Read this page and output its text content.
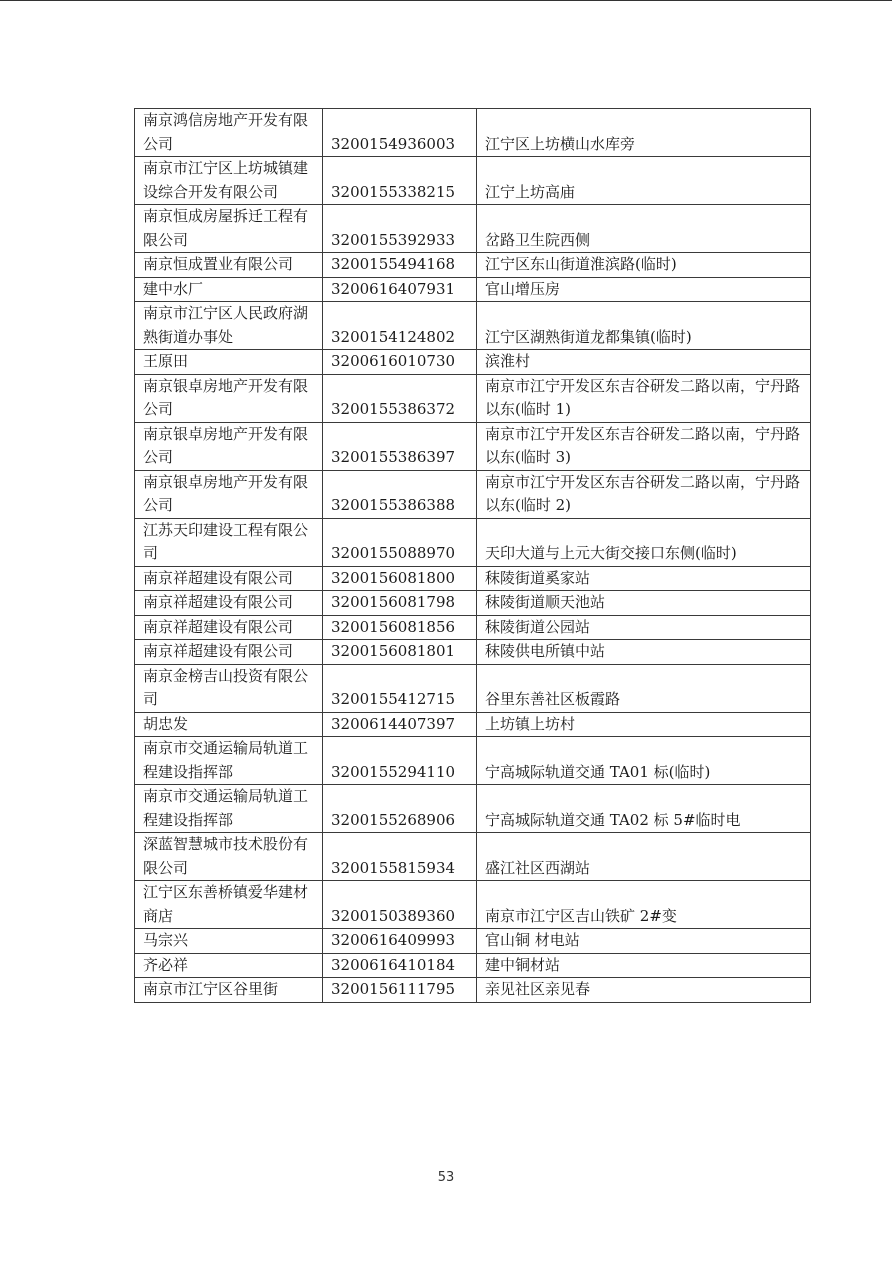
南京鸿信房地产开发有限公司	3200154936003	江宁区上坊横山水库旁
南京市江宁区上坊城镇建设综合开发有限公司	3200155338215	江宁上坊高庙
南京恒成房屋拆迁工程有限公司	3200155392933	岔路卫生院西侧
南京恒成置业有限公司	3200155494168	江宁区东山街道淮滨路(临时)
建中水厂	3200616407931	官山增压房
南京市江宁区人民政府湖熟街道办事处	3200154124802	江宁区湖熟街道龙都集镇(临时)
王原田	3200616010730	滨淮村
南京银卓房地产开发有限公司	3200155386372	南京市江宁开发区东吉谷研发二路以南，宁丹路以东(临时 1)
南京银卓房地产开发有限公司	3200155386397	南京市江宁开发区东吉谷研发二路以南，宁丹路以东(临时 3)
南京银卓房地产开发有限公司	3200155386388	南京市江宁开发区东吉谷研发二路以南，宁丹路以东(临时 2)
江苏天印建设工程有限公司	3200155088970	天印大道与上元大街交接口东侧(临时)
南京祥超建设有限公司	3200156081800	秣陵街道奚家站
南京祥超建设有限公司	3200156081798	秣陵街道顺天池站
南京祥超建设有限公司	3200156081856	秣陵街道公园站
南京祥超建设有限公司	3200156081801	秣陵供电所镇中站
南京金榜吉山投资有限公司	3200155412715	谷里东善社区板霞路
胡忠发	3200614407397	上坊镇上坊村
南京市交通运输局轨道工程建设指挥部	3200155294110	宁高城际轨道交通 TA01 标(临时)
南京市交通运输局轨道工程建设指挥部	3200155268906	宁高城际轨道交通 TA02 标 5#临时电
深蓝智慧城市技术股份有限公司	3200155815934	盛江社区西湖站
江宁区东善桥镇爱华建材商店	3200150389360	南京市江宁区吉山铁矿 2#变
马宗兴	3200616409993	官山铜 材电站
齐必祥	3200616410184	建中铜材站
南京市江宁区谷里街	3200156111795	亲见社区亲见春
53
